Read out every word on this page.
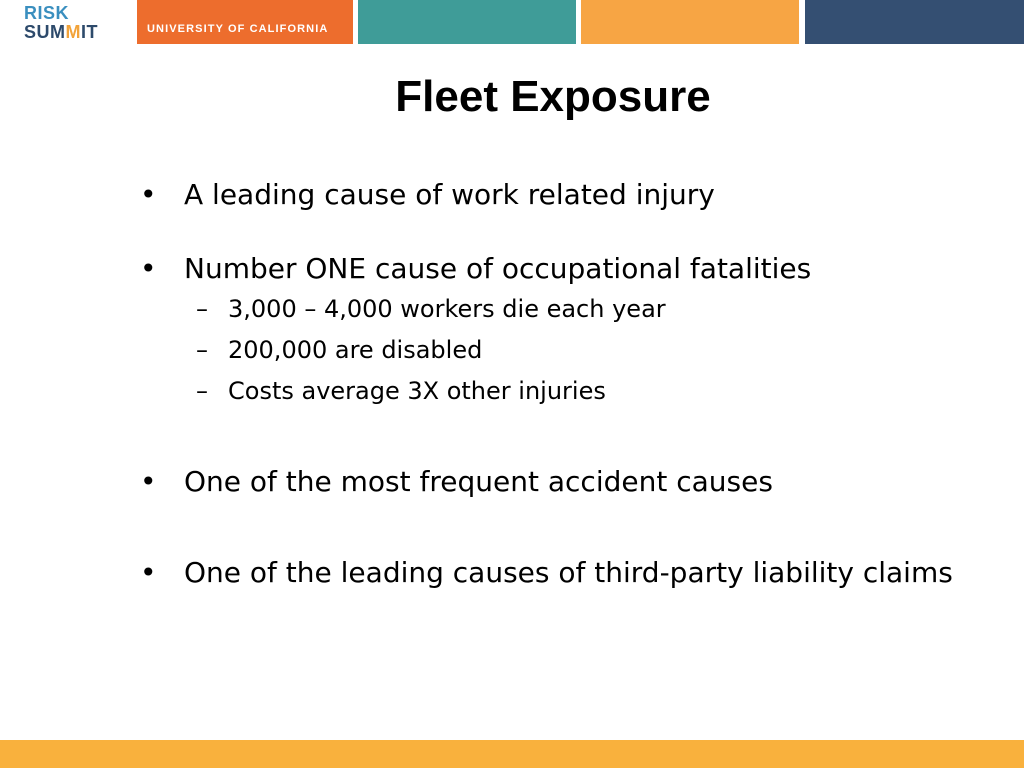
RISK
SUMMIT	UNIVERSITY OF CALIFORNIA
Fleet Exposure
• A leading cause of work related injury
• Number ONE cause of occupational fatalities
– 3,000 – 4,000 workers die each year
– 200,000 are disabled
– Costs average 3X other injuries
• One of the most frequent accident causes
• One of the leading causes of third-party liability claims
